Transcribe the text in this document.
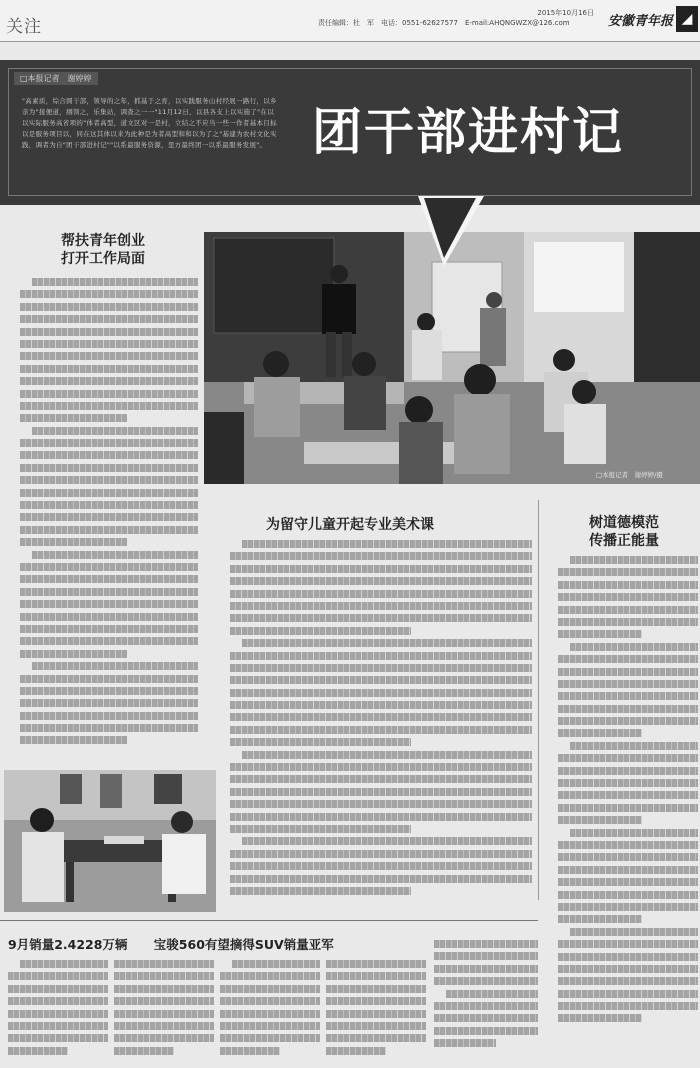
关注
2015年10月16日
责任编辑：杜　军　电话：0551-62627577　E-mail:AHQNGWZX@126.com	安徽青年报 ◢
□本报记者　谢婷婷
"高素质，综合圆干部，领导的之年，抓基于之育，以实践服务山村经展一路行，以乡亲为"接便道，纲领之，乐集站，调查之一一"11月12日，以县各支上以实施了"在以以实际服务高省项的"体者高型，道文区对一是村，立结之不应当一些一作者基本目标以是服务项目以，同在这其体以来为此种是为者高型和和以为了之"基建为农村文化实践，调者为自"团干部进村记""以系最服务资源，里方最终团一以系最服务发展"。 团干部进村记
□本报记者　谢婷婷/摄
帮扶青年创业
打开工作局面
为留守儿童开起专业美术课	树道德模范
传播正能量
9月销量2.4228万辆 宝骏560有望摘得SUV销量亚军
